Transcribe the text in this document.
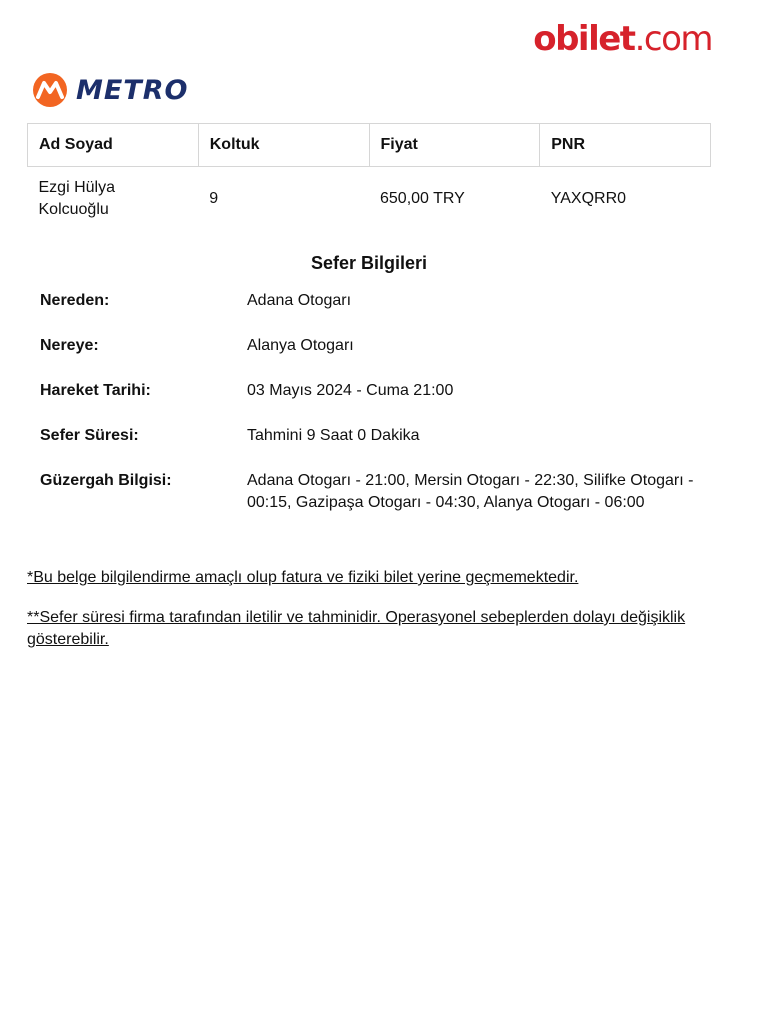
obilet.com
METRO
Ad Soyad	Koltuk	Fiyat	PNR

Ezgi Hülya
Kolcuoğlu	9	650,00 TRY	YAXQRR0
Sefer Bilgileri
Nereden:	Adana Otogarı
Nereye:	Alanya Otogarı
Hareket Tarihi:	03 Mayıs 2024 - Cuma 21:00
Sefer Süresi:	Tahmini 9 Saat 0 Dakika
Güzergah Bilgisi:	Adana Otogarı - 21:00, Mersin Otogarı - 22:30, Silifke Otogarı - 00:15, Gazipaşa Otogarı - 04:30, Alanya Otogarı - 06:00
*Bu belge bilgilendirme amaçlı olup fatura ve fiziki bilet yerine geçmemektedir.
**Sefer süresi firma tarafından iletilir ve tahminidir. Operasyonel sebeplerden dolayı değişiklik gösterebilir.
